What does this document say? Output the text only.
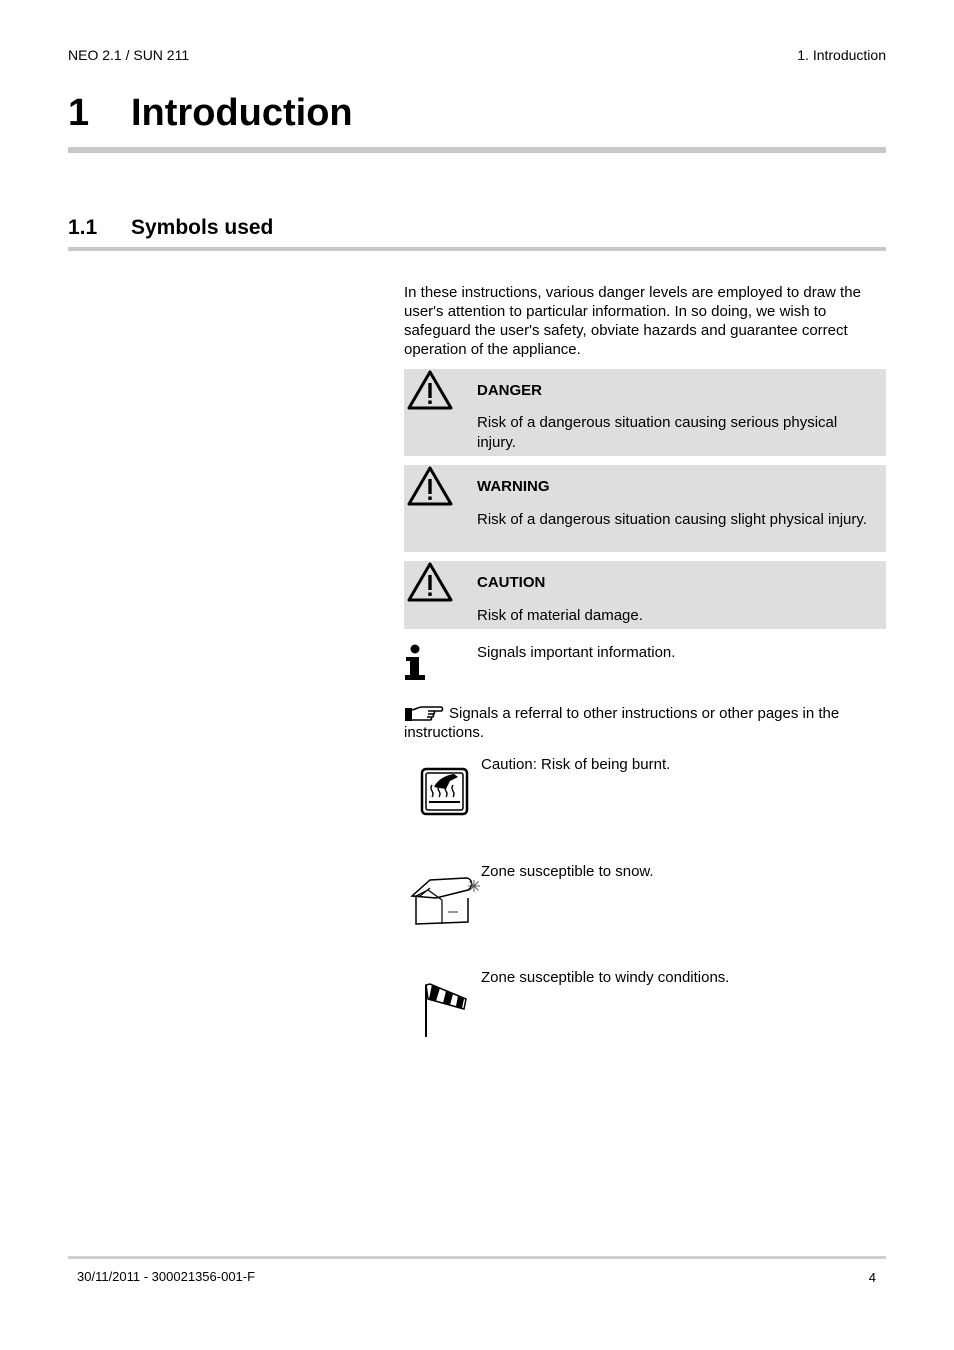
NEO 2.1 / SUN 211	1. Introduction
1 Introduction
1.1 Symbols used
In these instructions, various danger levels are employed to draw the user's attention to particular information. In so doing, we wish to safeguard the user's safety, obviate hazards and guarantee correct operation of the appliance.
DANGER
Risk of a dangerous situation causing serious physical injury.
WARNING
Risk of a dangerous situation causing slight physical injury.
CAUTION
Risk of material damage.
Signals important information.
Signals a referral to other instructions or other pages in the instructions.
Caution: Risk of being burnt.
Zone susceptible to snow.
Zone susceptible to windy conditions.
30/11/2011 - 300021356-001-F	4
